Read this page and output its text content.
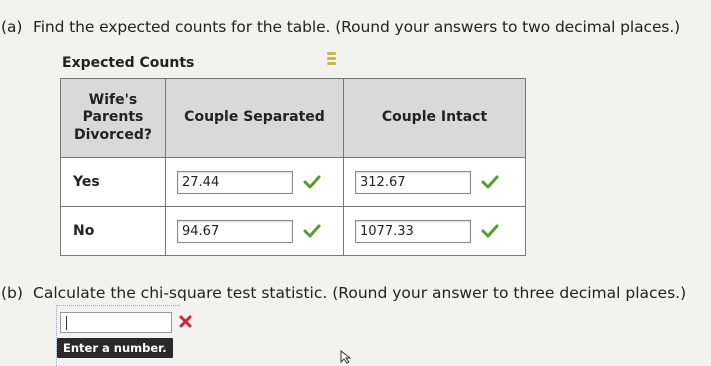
(a) Find the expected counts for the table. (Round your answers to two decimal places.)
Expected Counts
Wife's Parents Divorced?	Couple Separated	Couple Intact
Yes	27.44	312.67

No	94.67	1077.33
(b) Calculate the chi-square test statistic. (Round your answer to three decimal places.)
Enter a number.
